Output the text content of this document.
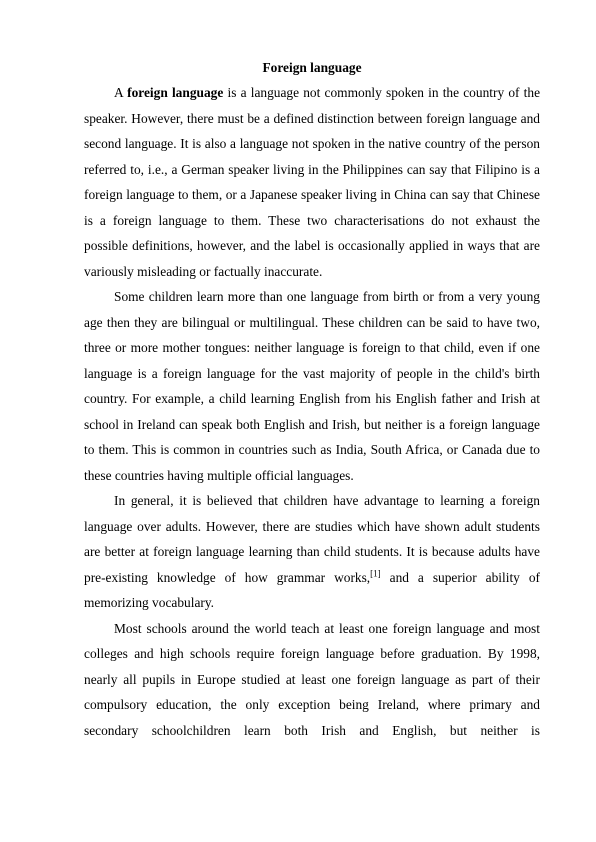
Foreign language

A foreign language is a language not commonly spoken in the country of the speaker. However, there must be a defined distinction between foreign language and second language. It is also a language not spoken in the native country of the person referred to, i.e., a German speaker living in the Philippines can say that Filipino is a foreign language to them, or a Japanese speaker living in China can say that Chinese is a foreign language to them. These two characterisations do not exhaust the possible definitions, however, and the label is occasionally applied in ways that are variously misleading or factually inaccurate.

Some children learn more than one language from birth or from a very young age then they are bilingual or multilingual. These children can be said to have two, three or more mother tongues: neither language is foreign to that child, even if one language is a foreign language for the vast majority of people in the child's birth country. For example, a child learning English from his English father and Irish at school in Ireland can speak both English and Irish, but neither is a foreign language to them. This is common in countries such as India, South Africa, or Canada due to these countries having multiple official languages.

In general, it is believed that children have advantage to learning a foreign language over adults. However, there are studies which have shown adult students are better at foreign language learning than child students. It is because adults have pre-existing knowledge of how grammar works,[1] and a superior ability of memorizing vocabulary.

Most schools around the world teach at least one foreign language and most colleges and high schools require foreign language before graduation. By 1998, nearly all pupils in Europe studied at least one foreign language as part of their compulsory education, the only exception being Ireland, where primary and secondary schoolchildren learn both Irish and English, but neither is
